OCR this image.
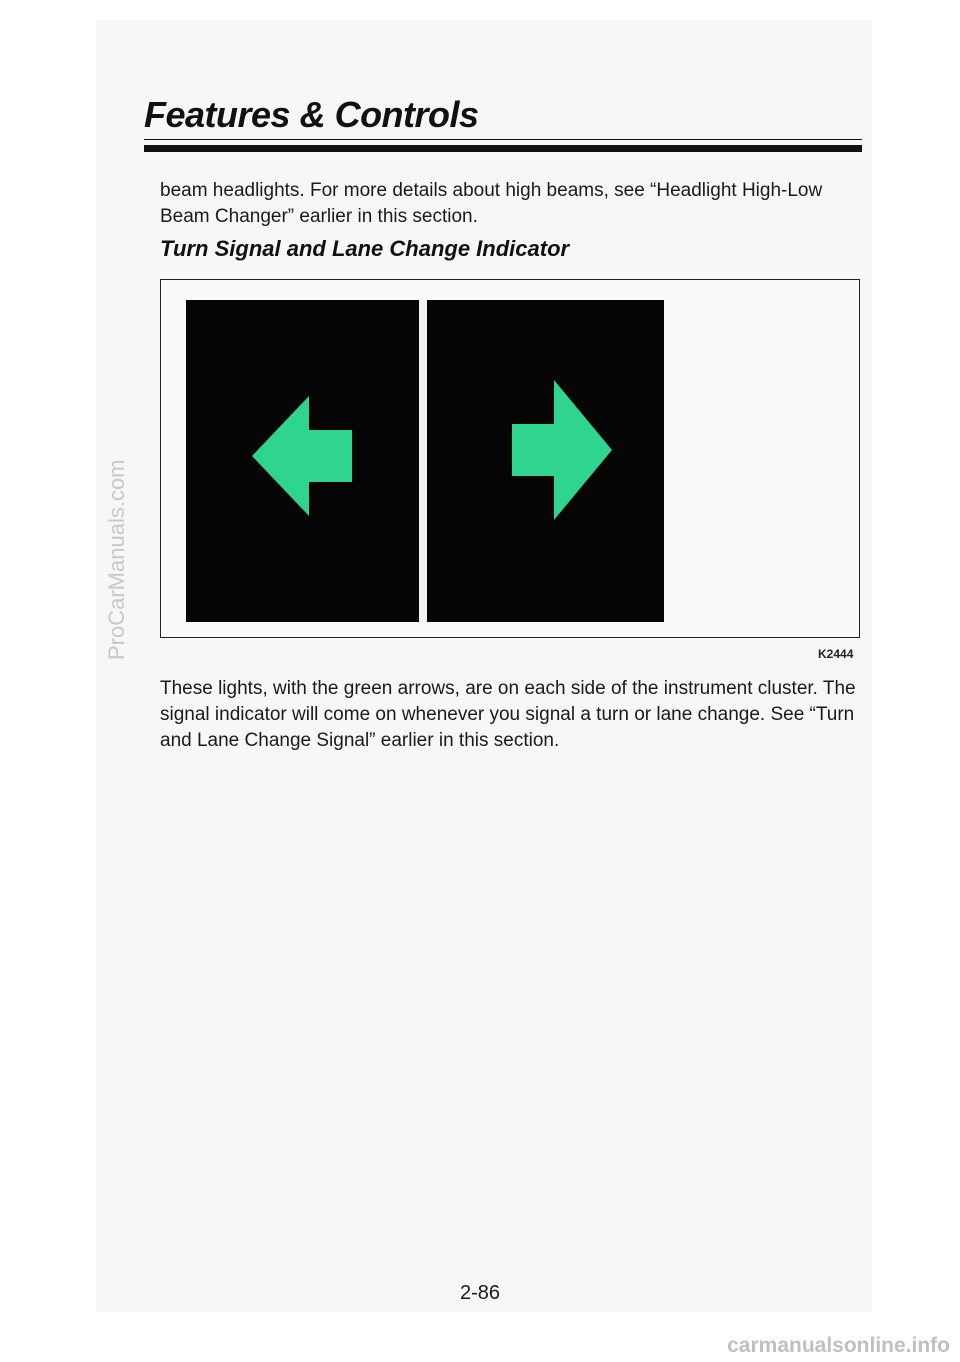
Features & Controls

beam headlights. For more details about high beams, see “Headlight High-Low Beam Changer” earlier in this section.

Turn Signal and Lane Change Indicator

K2444

These lights, with the green arrows, are on each side of the instrument cluster. The signal indicator will come on whenever you signal a turn or lane change. See “Turn and Lane Change Signal” earlier in this section.

2-86

ProCarManuals.com

carmanualsonline.info
